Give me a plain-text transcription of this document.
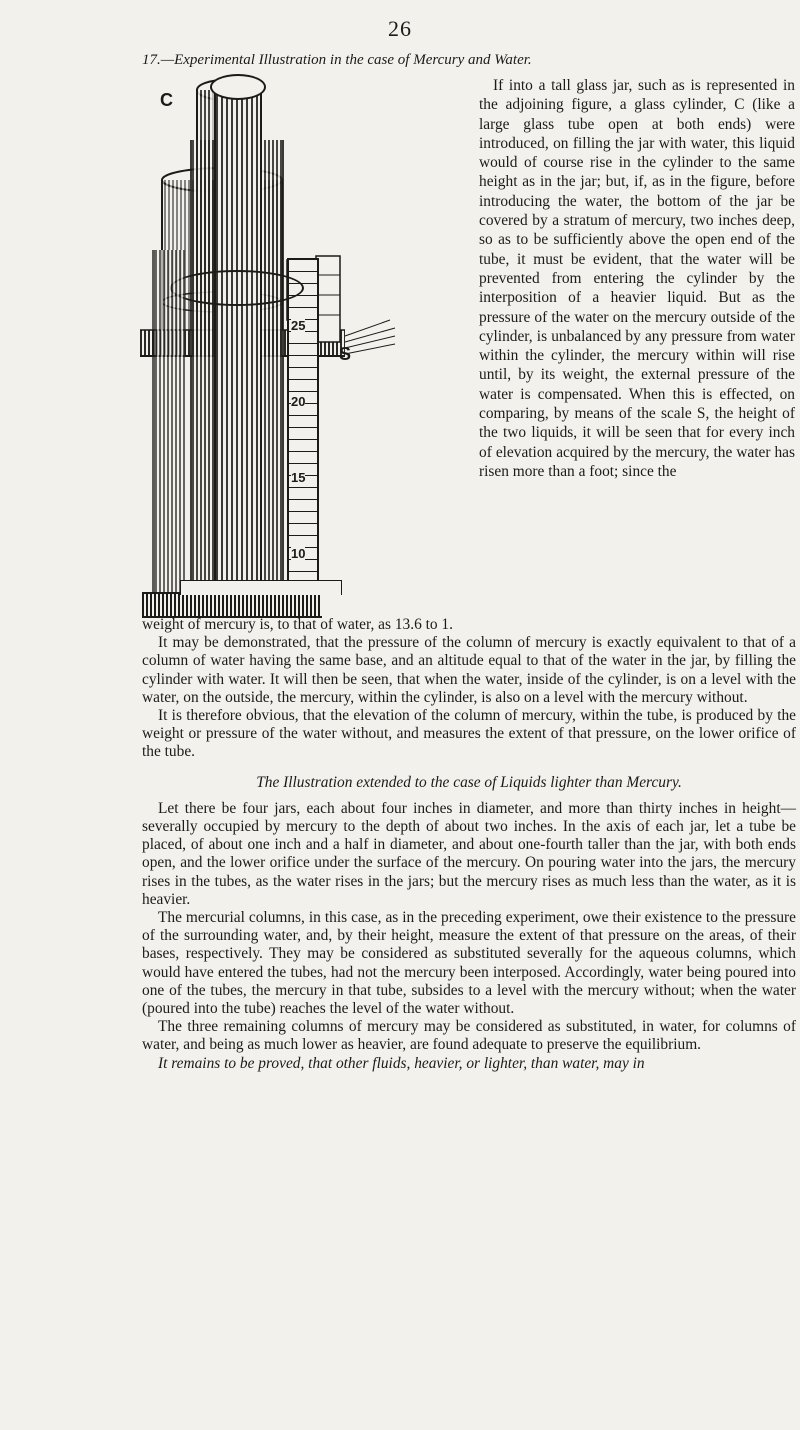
26
17.—Experimental Illustration in the case of Mercury and Water.
25
20
15
10
C
S

If into a tall glass jar, such as is represented in the adjoining figure, a glass cylinder, C (like a large glass tube open at both ends) were introduced, on filling the jar with water, this liquid would of course rise in the cylinder to the same height as in the jar; but, if, as in the figure, before introducing the water, the bottom of the jar be covered by a stratum of mercury, two inches deep, so as to be sufficiently above the open end of the tube, it must be evident, that the water will be prevented from entering the cylinder by the interposition of a heavier liquid. But as the pressure of the water on the mercury outside of the cylinder, is unbalanced by any pressure from water within the cylinder, the mercury within will rise until, by its weight, the external pressure of the water is compensated. When this is effected, on comparing, by means of the scale S, the height of the two liquids, it will be seen that for every inch of elevation acquired by the mercury, the water has risen more than a foot; since the

weight of mercury is, to that of water, as 13.6 to 1.

It may be demonstrated, that the pressure of the column of mercury is exactly equivalent to that of a column of water having the same base, and an altitude equal to that of the water in the jar, by filling the cylinder with water. It will then be seen, that when the water, inside of the cylinder, is on a level with the water, on the outside, the mercury, within the cylinder, is also on a level with the mercury without.

It is therefore obvious, that the elevation of the column of mercury, within the tube, is produced by the weight or pressure of the water without, and measures the extent of that pressure, on the lower orifice of the tube.

The Illustration extended to the case of Liquids lighter than Mercury.

Let there be four jars, each about four inches in diameter, and more than thirty inches in height—severally occupied by mercury to the depth of about two inches. In the axis of each jar, let a tube be placed, of about one inch and a half in diameter, and about one-fourth taller than the jar, with both ends open, and the lower orifice under the surface of the mercury. On pouring water into the jars, the mercury rises in the tubes, as the water rises in the jars; but the mercury rises as much less than the water, as it is heavier.

The mercurial columns, in this case, as in the preceding experiment, owe their existence to the pressure of the surrounding water, and, by their height, measure the extent of that pressure on the areas, of their bases, respectively. They may be considered as substituted severally for the aqueous columns, which would have entered the tubes, had not the mercury been interposed. Accordingly, water being poured into one of the tubes, the mercury in that tube, subsides to a level with the mercury without; when the water (poured into the tube) reaches the level of the water without.

The three remaining columns of mercury may be considered as substituted, in water, for columns of water, and being as much lower as heavier, are found adequate to preserve the equilibrium.

It remains to be proved, that other fluids, heavier, or lighter, than water, may in
